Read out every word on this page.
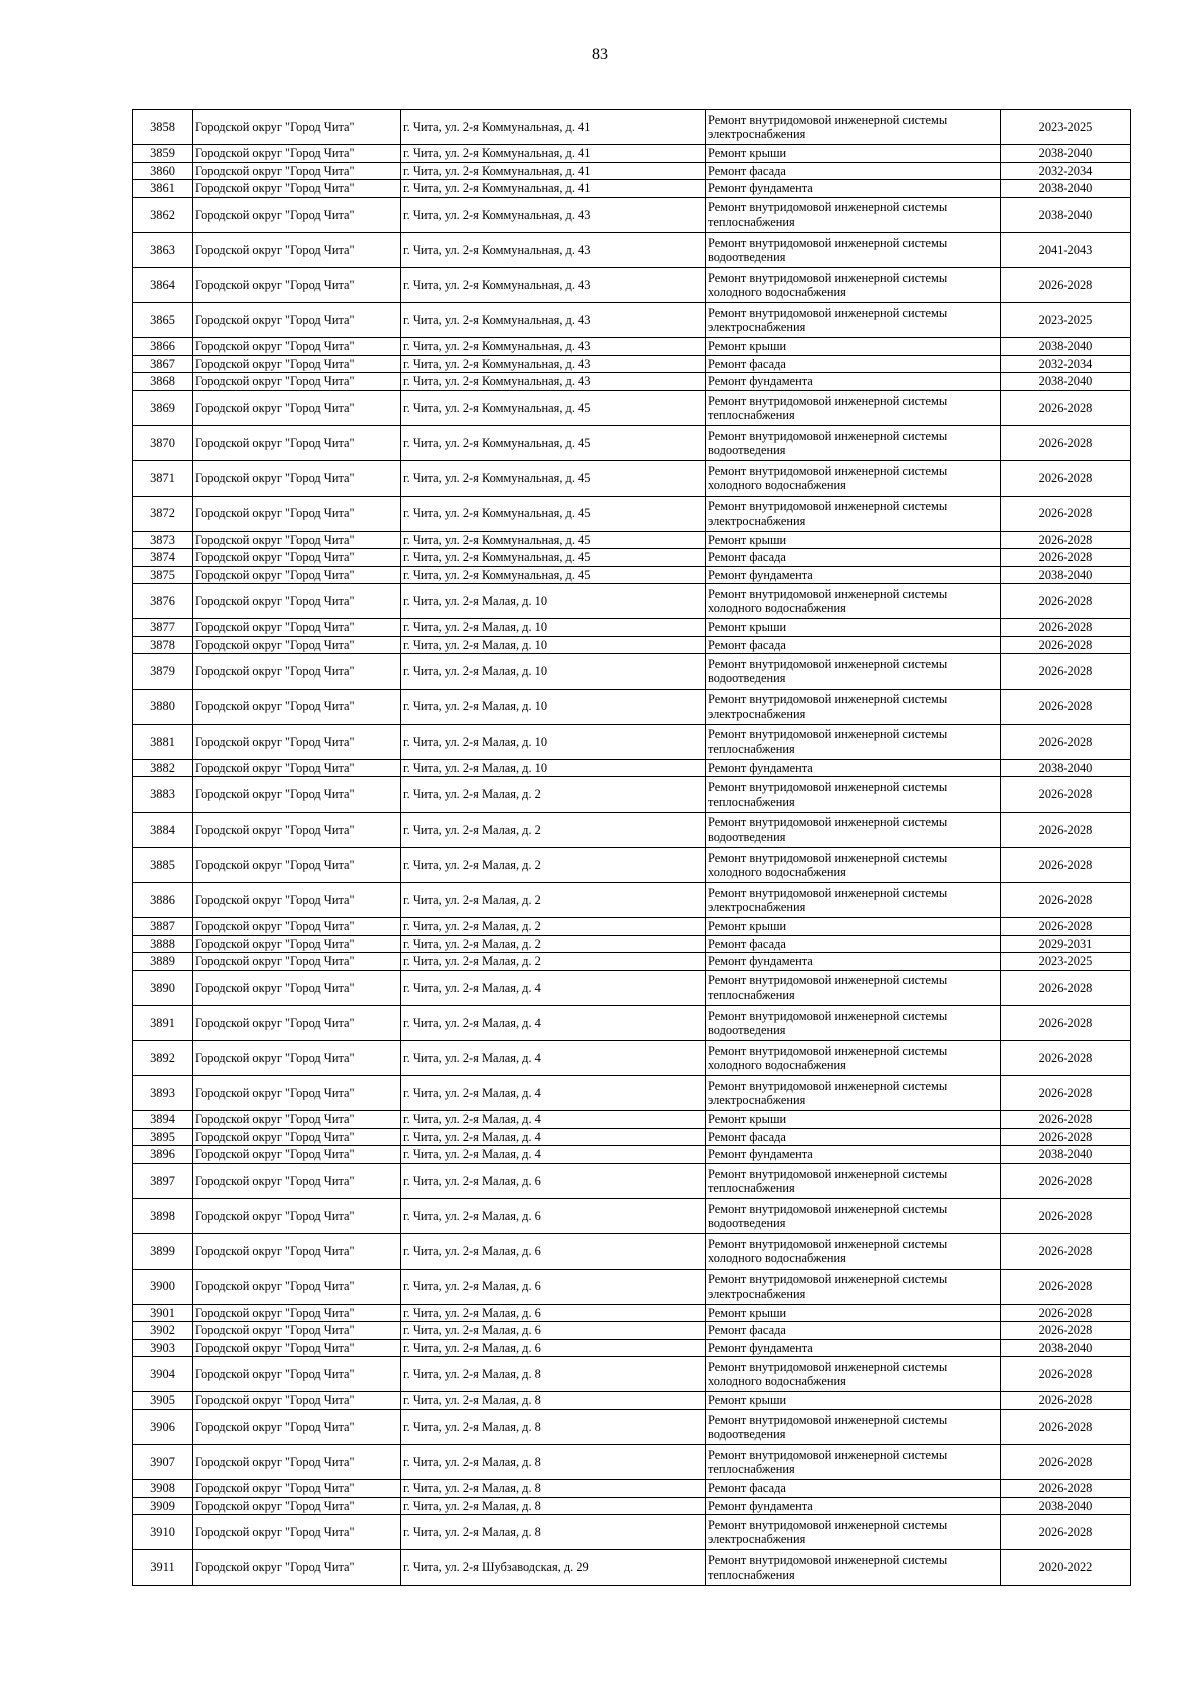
83
3858	Городской округ "Город Чита"	г. Чита, ул. 2-я Коммунальная, д. 41	Ремонт внутридомовой инженерной системы электроснабжения	2023-2025
3859	Городской округ "Город Чита"	г. Чита, ул. 2-я Коммунальная, д. 41	Ремонт крыши	2038-2040
3860	Городской округ "Город Чита"	г. Чита, ул. 2-я Коммунальная, д. 41	Ремонт фасада	2032-2034
3861	Городской округ "Город Чита"	г. Чита, ул. 2-я Коммунальная, д. 41	Ремонт фундамента	2038-2040
3862	Городской округ "Город Чита"	г. Чита, ул. 2-я Коммунальная, д. 43	Ремонт внутридомовой инженерной системы теплоснабжения	2038-2040
3863	Городской округ "Город Чита"	г. Чита, ул. 2-я Коммунальная, д. 43	Ремонт внутридомовой инженерной системы водоотведения	2041-2043
3864	Городской округ "Город Чита"	г. Чита, ул. 2-я Коммунальная, д. 43	Ремонт внутридомовой инженерной системы холодного водоснабжения	2026-2028
3865	Городской округ "Город Чита"	г. Чита, ул. 2-я Коммунальная, д. 43	Ремонт внутридомовой инженерной системы электроснабжения	2023-2025
3866	Городской округ "Город Чита"	г. Чита, ул. 2-я Коммунальная, д. 43	Ремонт крыши	2038-2040
3867	Городской округ "Город Чита"	г. Чита, ул. 2-я Коммунальная, д. 43	Ремонт фасада	2032-2034
3868	Городской округ "Город Чита"	г. Чита, ул. 2-я Коммунальная, д. 43	Ремонт фундамента	2038-2040
3869	Городской округ "Город Чита"	г. Чита, ул. 2-я Коммунальная, д. 45	Ремонт внутридомовой инженерной системы теплоснабжения	2026-2028
3870	Городской округ "Город Чита"	г. Чита, ул. 2-я Коммунальная, д. 45	Ремонт внутридомовой инженерной системы водоотведения	2026-2028
3871	Городской округ "Город Чита"	г. Чита, ул. 2-я Коммунальная, д. 45	Ремонт внутридомовой инженерной системы холодного водоснабжения	2026-2028
3872	Городской округ "Город Чита"	г. Чита, ул. 2-я Коммунальная, д. 45	Ремонт внутридомовой инженерной системы электроснабжения	2026-2028
3873	Городской округ "Город Чита"	г. Чита, ул. 2-я Коммунальная, д. 45	Ремонт крыши	2026-2028
3874	Городской округ "Город Чита"	г. Чита, ул. 2-я Коммунальная, д. 45	Ремонт фасада	2026-2028
3875	Городской округ "Город Чита"	г. Чита, ул. 2-я Коммунальная, д. 45	Ремонт фундамента	2038-2040
3876	Городской округ "Город Чита"	г. Чита, ул. 2-я Малая, д. 10	Ремонт внутридомовой инженерной системы холодного водоснабжения	2026-2028
3877	Городской округ "Город Чита"	г. Чита, ул. 2-я Малая, д. 10	Ремонт крыши	2026-2028
3878	Городской округ "Город Чита"	г. Чита, ул. 2-я Малая, д. 10	Ремонт фасада	2026-2028
3879	Городской округ "Город Чита"	г. Чита, ул. 2-я Малая, д. 10	Ремонт внутридомовой инженерной системы водоотведения	2026-2028
3880	Городской округ "Город Чита"	г. Чита, ул. 2-я Малая, д. 10	Ремонт внутридомовой инженерной системы электроснабжения	2026-2028
3881	Городской округ "Город Чита"	г. Чита, ул. 2-я Малая, д. 10	Ремонт внутридомовой инженерной системы теплоснабжения	2026-2028
3882	Городской округ "Город Чита"	г. Чита, ул. 2-я Малая, д. 10	Ремонт фундамента	2038-2040
3883	Городской округ "Город Чита"	г. Чита, ул. 2-я Малая, д. 2	Ремонт внутридомовой инженерной системы теплоснабжения	2026-2028
3884	Городской округ "Город Чита"	г. Чита, ул. 2-я Малая, д. 2	Ремонт внутридомовой инженерной системы водоотведения	2026-2028
3885	Городской округ "Город Чита"	г. Чита, ул. 2-я Малая, д. 2	Ремонт внутридомовой инженерной системы холодного водоснабжения	2026-2028
3886	Городской округ "Город Чита"	г. Чита, ул. 2-я Малая, д. 2	Ремонт внутридомовой инженерной системы электроснабжения	2026-2028
3887	Городской округ "Город Чита"	г. Чита, ул. 2-я Малая, д. 2	Ремонт крыши	2026-2028
3888	Городской округ "Город Чита"	г. Чита, ул. 2-я Малая, д. 2	Ремонт фасада	2029-2031
3889	Городской округ "Город Чита"	г. Чита, ул. 2-я Малая, д. 2	Ремонт фундамента	2023-2025
3890	Городской округ "Город Чита"	г. Чита, ул. 2-я Малая, д. 4	Ремонт внутридомовой инженерной системы теплоснабжения	2026-2028
3891	Городской округ "Город Чита"	г. Чита, ул. 2-я Малая, д. 4	Ремонт внутридомовой инженерной системы водоотведения	2026-2028
3892	Городской округ "Город Чита"	г. Чита, ул. 2-я Малая, д. 4	Ремонт внутридомовой инженерной системы холодного водоснабжения	2026-2028
3893	Городской округ "Город Чита"	г. Чита, ул. 2-я Малая, д. 4	Ремонт внутридомовой инженерной системы электроснабжения	2026-2028
3894	Городской округ "Город Чита"	г. Чита, ул. 2-я Малая, д. 4	Ремонт крыши	2026-2028
3895	Городской округ "Город Чита"	г. Чита, ул. 2-я Малая, д. 4	Ремонт фасада	2026-2028
3896	Городской округ "Город Чита"	г. Чита, ул. 2-я Малая, д. 4	Ремонт фундамента	2038-2040
3897	Городской округ "Город Чита"	г. Чита, ул. 2-я Малая, д. 6	Ремонт внутридомовой инженерной системы теплоснабжения	2026-2028
3898	Городской округ "Город Чита"	г. Чита, ул. 2-я Малая, д. 6	Ремонт внутридомовой инженерной системы водоотведения	2026-2028
3899	Городской округ "Город Чита"	г. Чита, ул. 2-я Малая, д. 6	Ремонт внутридомовой инженерной системы холодного водоснабжения	2026-2028
3900	Городской округ "Город Чита"	г. Чита, ул. 2-я Малая, д. 6	Ремонт внутридомовой инженерной системы электроснабжения	2026-2028
3901	Городской округ "Город Чита"	г. Чита, ул. 2-я Малая, д. 6	Ремонт крыши	2026-2028
3902	Городской округ "Город Чита"	г. Чита, ул. 2-я Малая, д. 6	Ремонт фасада	2026-2028
3903	Городской округ "Город Чита"	г. Чита, ул. 2-я Малая, д. 6	Ремонт фундамента	2038-2040
3904	Городской округ "Город Чита"	г. Чита, ул. 2-я Малая, д. 8	Ремонт внутридомовой инженерной системы холодного водоснабжения	2026-2028
3905	Городской округ "Город Чита"	г. Чита, ул. 2-я Малая, д. 8	Ремонт крыши	2026-2028
3906	Городской округ "Город Чита"	г. Чита, ул. 2-я Малая, д. 8	Ремонт внутридомовой инженерной системы водоотведения	2026-2028
3907	Городской округ "Город Чита"	г. Чита, ул. 2-я Малая, д. 8	Ремонт внутридомовой инженерной системы теплоснабжения	2026-2028
3908	Городской округ "Город Чита"	г. Чита, ул. 2-я Малая, д. 8	Ремонт фасада	2026-2028
3909	Городской округ "Город Чита"	г. Чита, ул. 2-я Малая, д. 8	Ремонт фундамента	2038-2040
3910	Городской округ "Город Чита"	г. Чита, ул. 2-я Малая, д. 8	Ремонт внутридомовой инженерной системы электроснабжения	2026-2028
3911	Городской округ "Город Чита"	г. Чита, ул. 2-я Шубзаводская, д. 29	Ремонт внутридомовой инженерной системы теплоснабжения	2020-2022
